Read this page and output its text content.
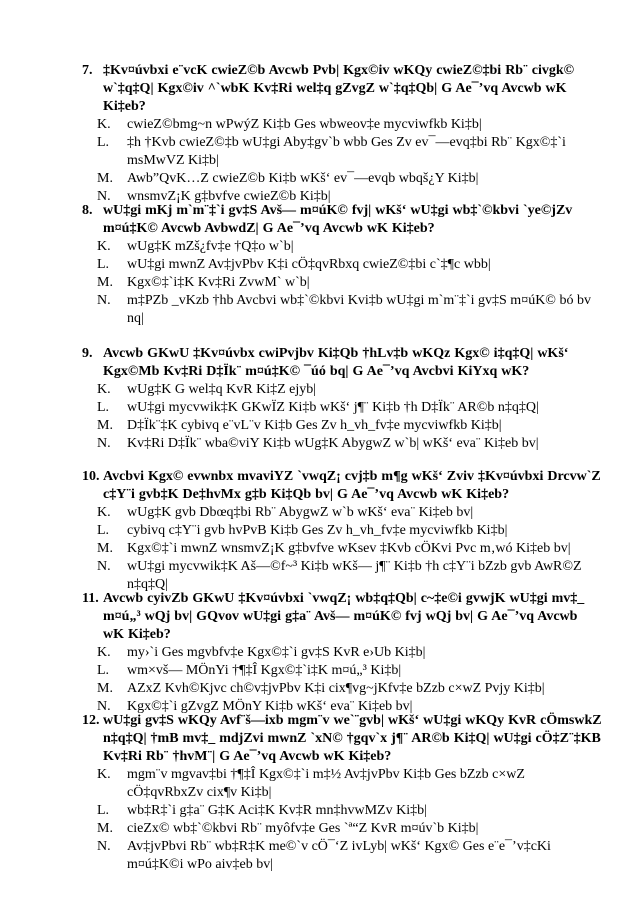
7. ‡Kv¤úvbxi e¨vcK cwieZ©b Avcwb Pvb| Kgx©iv wKQy cwieZ©‡bi Rb¨ civgk© w`‡q‡Q| Kgx©iv ^`wbK Kv‡Ri wel‡q gZvgZ w`‡q‡Qb| G Ae¯’vq Avcwb wK Ki‡eb?
K.	cwieZ©bmg~n wPwýZ Ki‡b Ges wbweov‡e mycviwfkb Ki‡b|
L.	‡h †Kvb cwieZ©‡b wU‡gi Aby‡gv`b wbb Ges Zv ev¯—evq‡bi Rb¨ Kgx©‡`i msMwVZ Ki‡b|
M.	Awb”QvK…Z cwieZ©b Ki‡b wKš‘ ev¯—evqb wbqš¿Y Ki‡b|
N.	wnsmvZ¡K g‡bvfve cwieZ©b Ki‡b|
8. wU‡gi mKj m`m¨‡`i gv‡S Avš— m¤úK© fvj| wKš‘ wU‡gi wb‡`©kbvi `ye©jZv m¤ú‡K© Avcwb AvbwdZ| G Ae¯’vq Avcwb wK Ki‡eb?
K.	wUg‡K mZš¿fv‡e †Q‡o w`b|
L.	wU‡gi mwnZ Av‡jvPbv K‡i cÖ‡qvRbxq cwieZ©‡bi c`‡¶c wbb|
M.	Kgx©‡`i‡K Kv‡Ri ZvwM` w`b|
N.	m‡PZb _vKzb †hb Avcbvi wb‡`©kbvi Kvi‡b wU‡gi m`m¨‡`i gv‡S m¤úK© bó bv nq|
9. Avcwb GKwU ‡Kv¤úvbx cwiPvjbv Ki‡Qb †hLv‡b wKQz Kgx© i‡q‡Q| wKš‘ Kgx©Mb Kv‡Ri D‡Ïk¨ m¤ú‡K© ¯úó bq| G Ae¯’vq Avcbvi KiYxq wK?
K.	wUg‡K G wel‡q KvR Ki‡Z ejyb|
L.	wU‡gi mycvwik‡K GKwÏZ Ki‡b wKš‘ j¶¨ Ki‡b †h D‡Ïk¨ AR©b n‡q‡Q|
M.	D‡Ïk¨‡K cybivq e¨vL¨v Ki‡b Ges Zv h_vh_fv‡e mycviwfkb Ki‡b|
N.	Kv‡Ri D‡Ïk¨ wba©viY Ki‡b wUg‡K AbygwZ w`b| wKš‘ eva¨ Ki‡eb bv|
10. Avcbvi Kgx© evwnbx mvaviYZ `vwqZ¡ cvj‡b m¶g wKš‘ Zviv ‡Kv¤úvbxi Drcvw`Z c‡Y¨i gvb‡K De‡hvMx g‡b Ki‡Qb bv| G Ae¯’vq Avcwb wK Ki‡eb?
K.	wUg‡K gvb Dbœq‡bi Rb¨ AbygwZ w`b wKš‘ eva¨ Ki‡eb bv|
L.	cybivq c‡Y¨i gvb hvPvB Ki‡b Ges Zv h_vh_fv‡e mycviwfkb Ki‡b|
M.	Kgx©‡`i mwnZ wnsmvZ¡K g‡bvfve wKsev ‡Kvb cÖKvi Pvc m‚wó Ki‡eb bv|
N.	wU‡gi mycvwik‡K Aš—©f~³ Ki‡b wKš— j¶¨ Ki‡b †h c‡Y¨i bZzb gvb AwR©Z n‡q‡Q|
11. Avcwb cyivZb GKwU ‡Kv¤úvbxi `vwqZ¡ wb‡q‡Qb| c~‡e©i gvwjK wU‡gi mv‡_ m¤ú„³ wQj bv| GQvov wU‡gi g‡a¨ Avš— m¤úK© fvj wQj bv| G Ae¯’vq Avcwb wK Ki‡eb?
K.	my›`i Ges mgvbfv‡e Kgx©‡`i gv‡S KvR e›Ub Ki‡b|
L.	wm×vš— MÖnYi †¶‡Î Kgx©‡`i‡K m¤ú„³ Ki‡b|
M.	AZxZ Kvh©Kjvc ch©v‡jvPbv K‡i cix¶vg~jKfv‡e bZzb c×wZ Pvjy Ki‡b|
N.	Kgx©‡`i gZvgZ MÖnY Ki‡b wKš‘ eva¨ Ki‡eb bv|
12. wU‡gi gv‡S wKQy Avf¨š—ixb mgm¨v we`¨gvb| wKš‘ wU‡gi wKQy KvR cÖmswkZ n‡q‡Q| †mB mv‡_ mdjZvi mwnZ `xN© †gqv`x j¶¨ AR©b Ki‡Q| wU‡gi cÖ‡Z¨‡KB Kv‡Ri Rb¨ †hvM¨| G Ae¯’vq Avcwb wK Ki‡eb?
K.	mgm¨v mgvav‡bi †¶‡Î Kgx©‡`i m‡½ Av‡jvPbv Ki‡b Ges bZzb c×wZ cÖ‡qvRbxZv cix¶v Ki‡b|
L.	wb‡R‡`i g‡a¨ G‡K Aci‡K Kv‡R mn‡hvwMZv Ki‡b|
M.	cieZx© wb‡`©kbvi Rb¨ myôfv‡e Ges `ª“Z KvR m¤úv`b Ki‡b|
N.	Av‡jvPbvi Rb¨ wb‡R‡K me©`v cÖ¯‘Z ivLyb| wKš‘ Kgx© Ges e¨e¯’v‡cKi m¤ú‡K©i wPo aiv‡eb bv|
